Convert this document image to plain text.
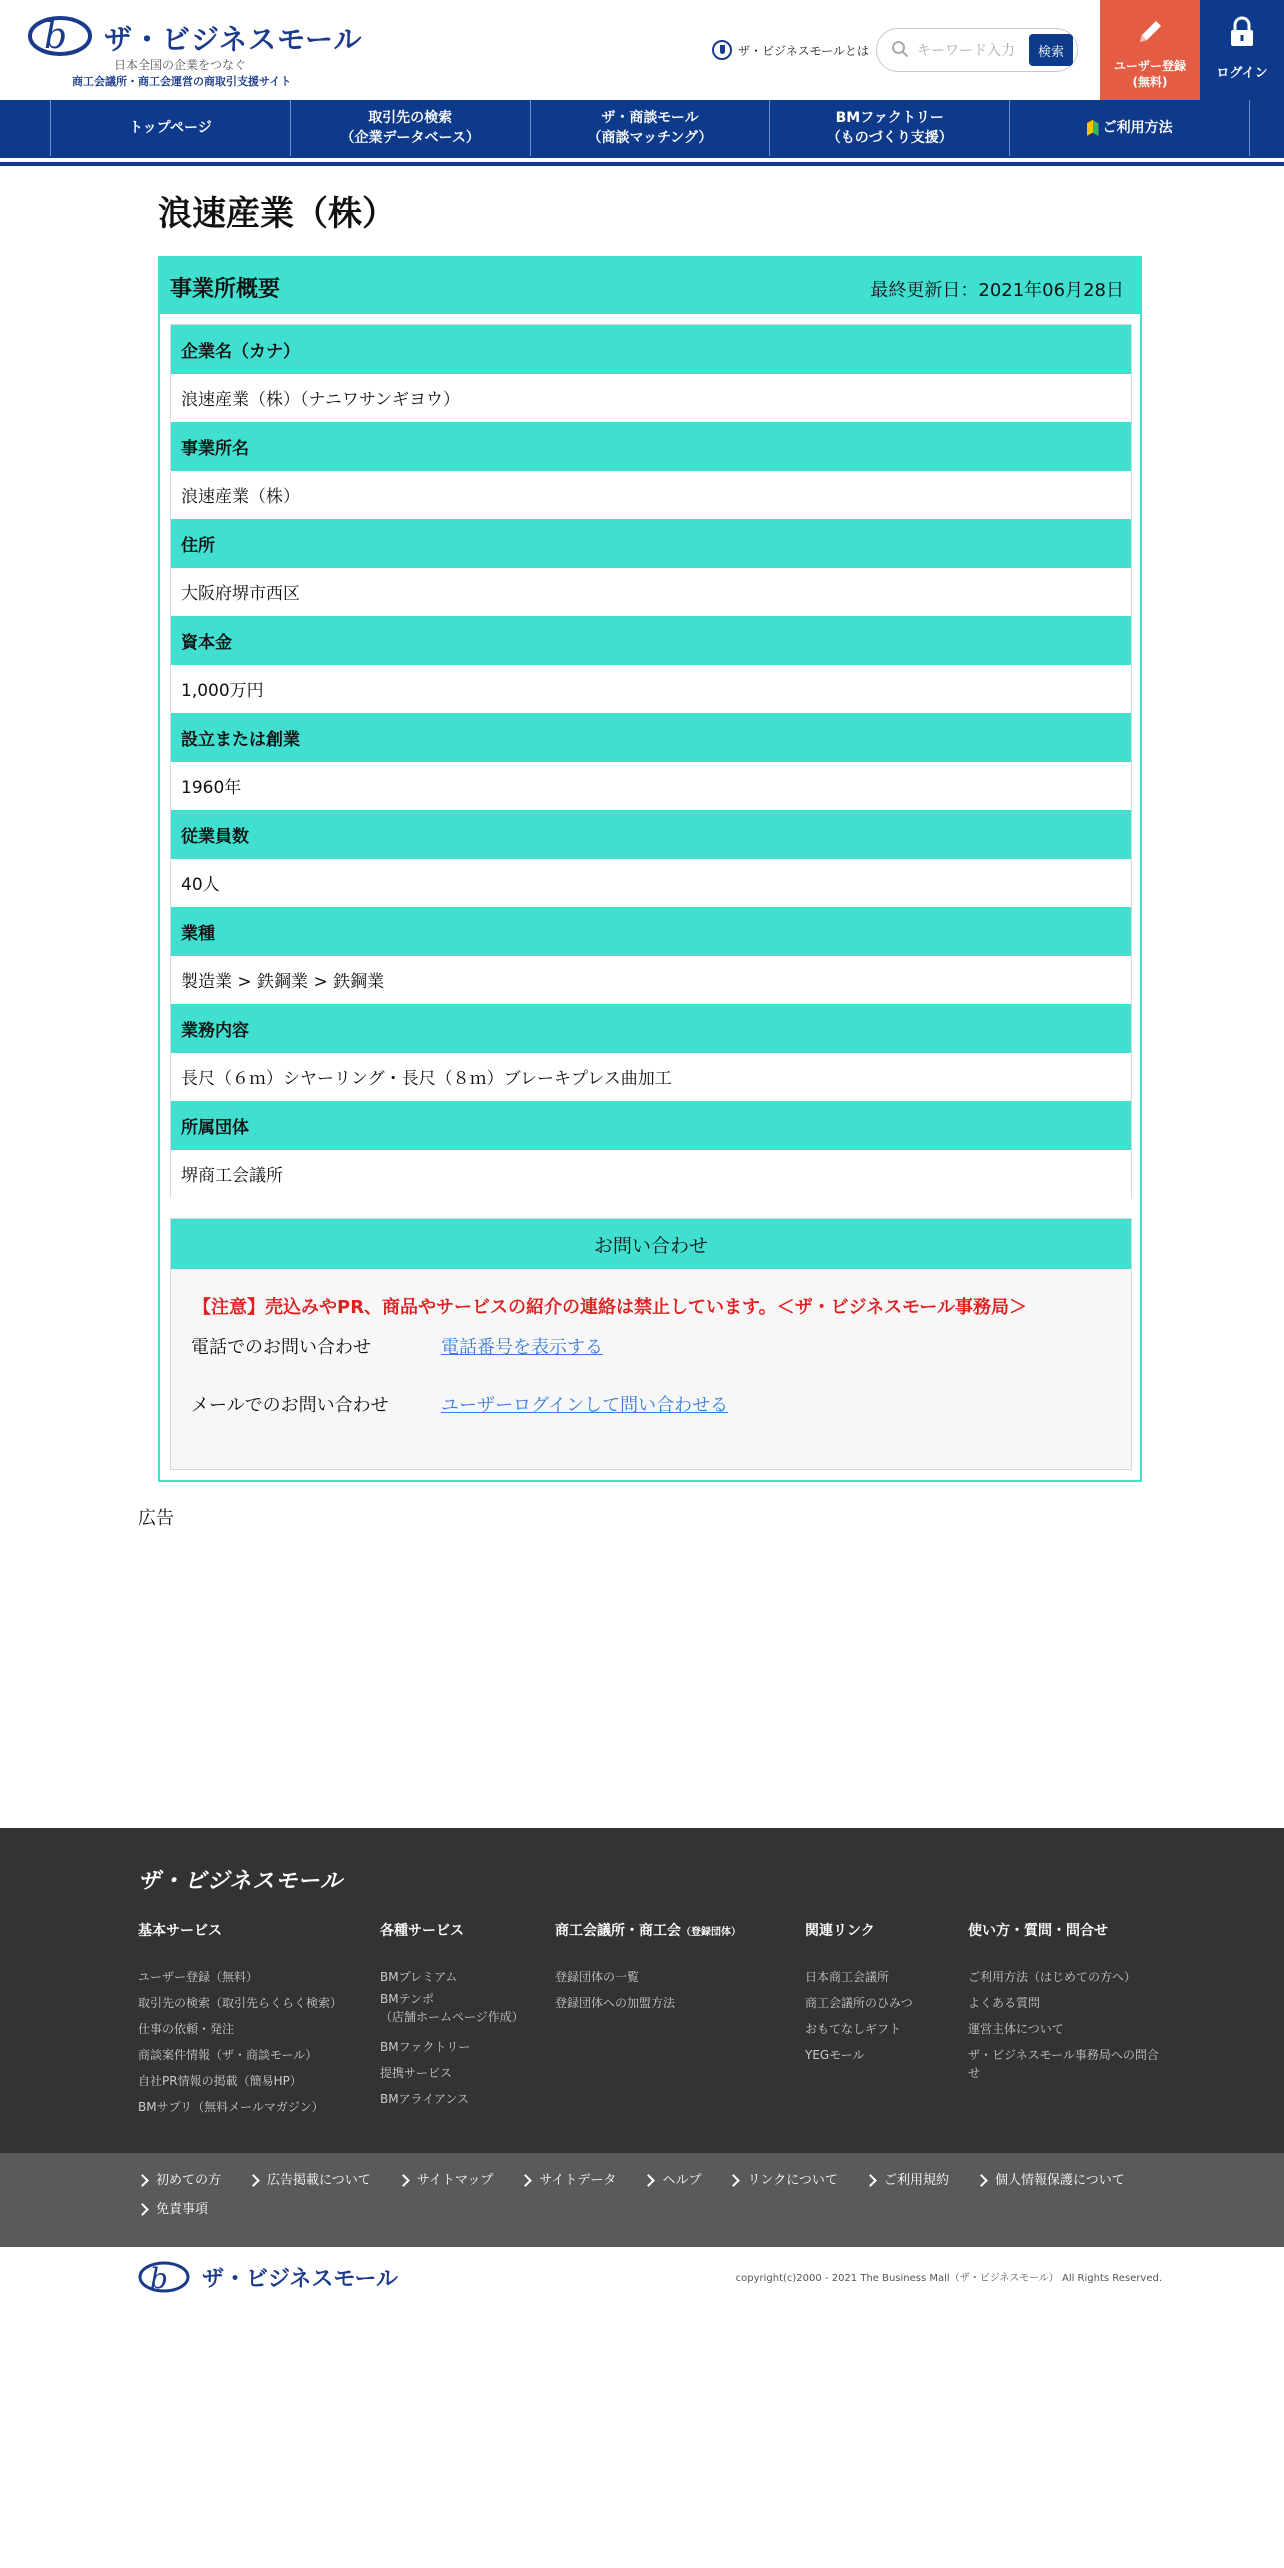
b ザ・ビジネスモール
日本全国の企業をつなぐ
商工会議所・商工会運営の商取引支援サイト
ザ・ビジネスモールとは
キーワード入力	検索
ユーザー登録
(無料)
ログイン
トップページ
取引先の検索
（企業データベース）
ザ・商談モール
（商談マッチング）
BMファクトリー
（ものづくり支援）
ご利用方法
浪速産業（株）
事業所概要	最終更新日：2021年06月28日
企業名（カナ）
浪速産業（株）（ナニワサンギヨウ）
事業所名
浪速産業（株）
住所
大阪府堺市西区
資本金
1,000万円
設立または創業
1960年
従業員数
40人
業種
製造業 > 鉄鋼業 > 鉄鋼業
業務内容
長尺（６ｍ）シヤーリング・長尺（８ｍ）ブレーキプレス曲加工
所属団体
堺商工会議所
お問い合わせ
【注意】売込みやPR、商品やサービスの紹介の連絡は禁止しています。＜ザ・ビジネスモール事務局＞
電話でのお問い合わせ	電話番号を表示する
メールでのお問い合わせ	ユーザーログインして問い合わせる
広告
ザ・ビジネスモール
基本サービス
ユーザー登録（無料）
取引先の検索（取引先らくらく検索）
仕事の依頼・発注
商談案件情報（ザ・商談モール）
自社PR情報の掲載（簡易HP）
BMサプリ（無料メールマガジン）
各種サービス
BMプレミアム
BMテンポ
（店舗ホームページ作成）
BMファクトリー
提携サービス
BMアライアンス
商工会議所・商工会（登録団体）
登録団体の一覧
登録団体への加盟方法
関連リンク
日本商工会議所
商工会議所のひみつ
おもてなしギフト
YEGモール
使い方・質問・問合せ
ご利用方法（はじめての方へ）
よくある質問
運営主体について
ザ・ビジネスモール事務局への問合
せ
初めての方	広告掲載について	サイトマップ	サイトデータ	ヘルプ	リンクについて	ご利用規約	個人情報保護について
免責事項
b ザ・ビジネスモール	copyright(c)2000 - 2021 The Business Mall（ザ・ビジネスモール） All Rights Reserved.
